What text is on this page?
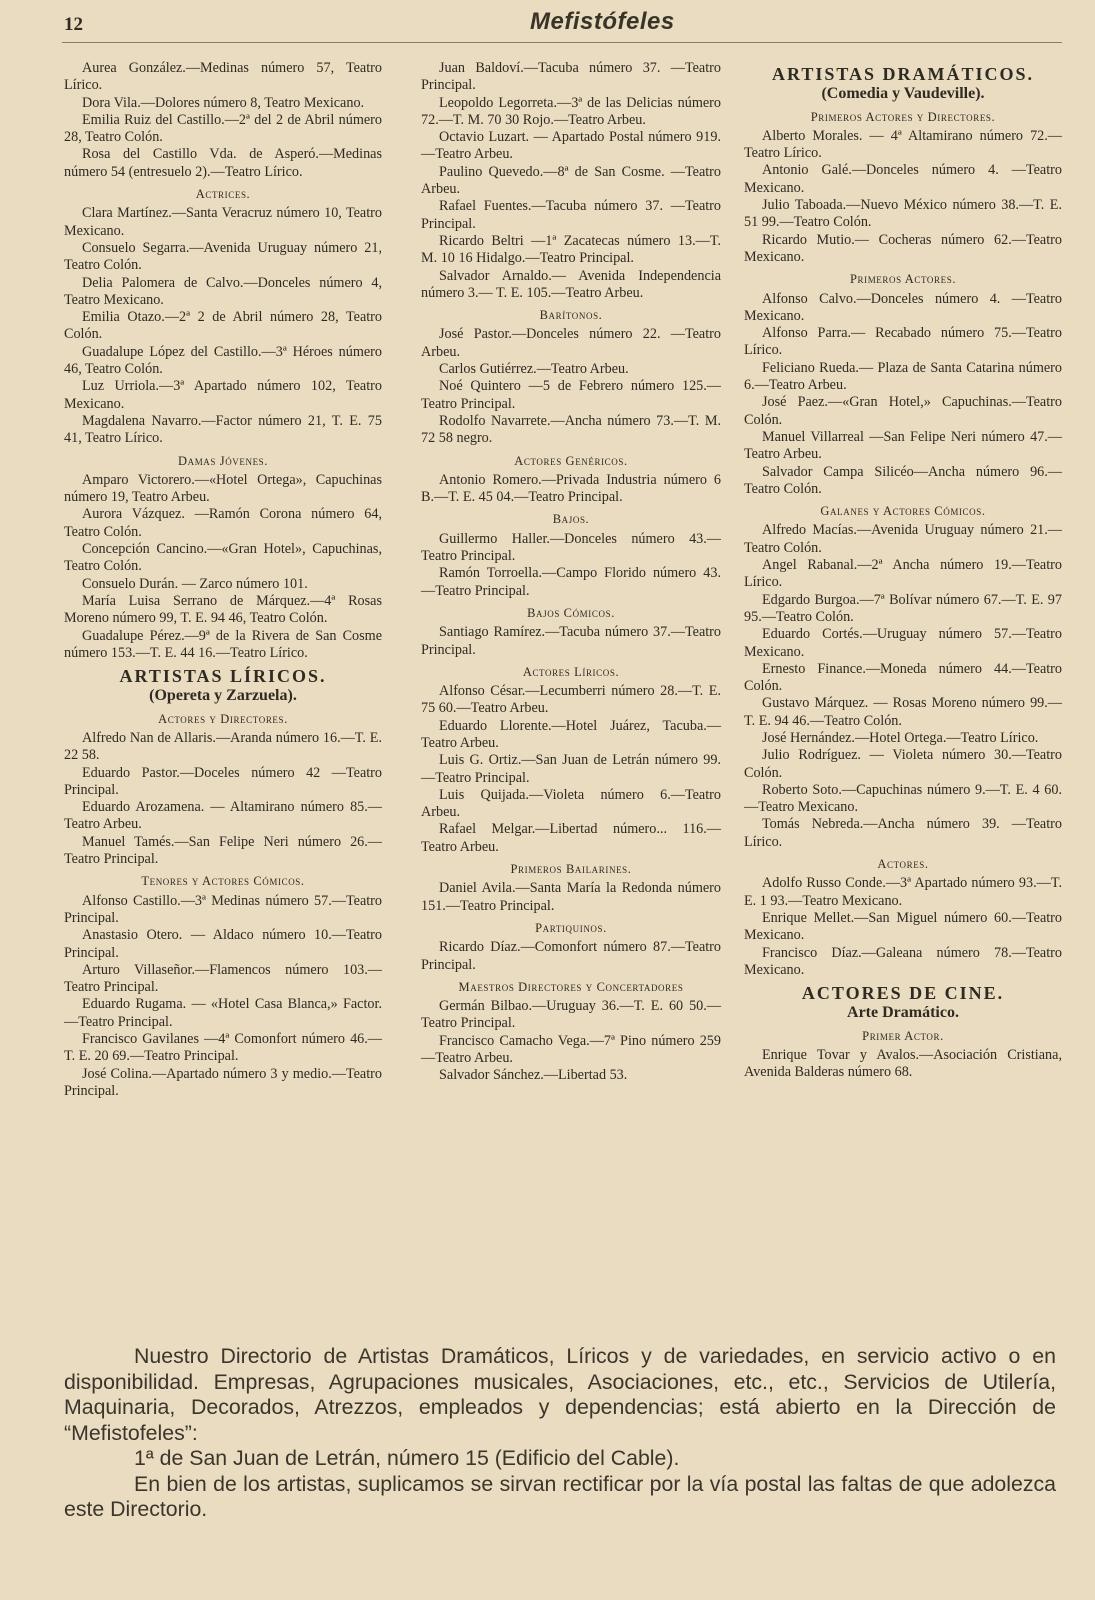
12	Mefistófeles

Aurea González.—Medinas número 57, Teatro Lírico.

Dora Vila.—Dolores número 8, Teatro Mexicano.

Emilia Ruiz del Castillo.—2ª del 2 de Abril número 28, Teatro Colón.

Rosa del Castillo Vda. de Asperó.—Medinas número 54 (entresuelo 2).—Teatro Lírico.

Actrices.

Clara Martínez.—Santa Veracruz número 10, Teatro Mexicano.

Consuelo Segarra.—Avenida Uruguay número 21, Teatro Colón.

Delia Palomera de Calvo.—Donceles número 4, Teatro Mexicano.

Emilia Otazo.—2ª 2 de Abril número 28, Teatro Colón.

Guadalupe López del Castillo.—3ª Héroes número 46, Teatro Colón.

Luz Urriola.—3ª Apartado número 102, Teatro Mexicano.

Magdalena Navarro.—Factor número 21, T. E. 75 41, Teatro Lírico.

Damas Jóvenes.

Amparo Victorero.—«Hotel Ortega», Capuchinas número 19, Teatro Arbeu.

Aurora Vázquez. —Ramón Corona número 64, Teatro Colón.

Concepción Cancino.—«Gran Hotel», Capuchinas, Teatro Colón.

Consuelo Durán. — Zarco número 101.

María Luisa Serrano de Márquez.—4ª Rosas Moreno número 99, T. E. 94 46, Teatro Colón.

Guadalupe Pérez.—9ª de la Rivera de San Cosme número 153.—T. E. 44 16.—Teatro Lírico.

ARTISTAS LÍRICOS.

(Opereta y Zarzuela).

Actores y Directores.

Alfredo Nan de Allaris.—Aranda número 16.—T. E. 22 58.

Eduardo Pastor.—Doceles número 42 —Teatro Principal.

Eduardo Arozamena. — Altamirano número 85.—Teatro Arbeu.

Manuel Tamés.—San Felipe Neri número 26.—Teatro Principal.

Tenores y Actores Cómicos.

Alfonso Castillo.—3ª Medinas número 57.—Teatro Principal.

Anastasio Otero. — Aldaco número 10.—Teatro Principal.

Arturo Villaseñor.—Flamencos número 103.—Teatro Principal.

Eduardo Rugama. — «Hotel Casa Blanca,» Factor.—Teatro Principal.

Francisco Gavilanes —4ª Comonfort número 46.—T. E. 20 69.—Teatro Principal.

José Colina.—Apartado número 3 y medio.—Teatro Principal.

Juan Baldoví.—Tacuba número 37. —Teatro Principal.

Leopoldo Legorreta.—3ª de las Delicias número 72.—T. M. 70 30 Rojo.—Teatro Arbeu.

Octavio Luzart. — Apartado Postal número 919.—Teatro Arbeu.

Paulino Quevedo.—8ª de San Cosme. —Teatro Arbeu.

Rafael Fuentes.—Tacuba número 37. —Teatro Principal.

Ricardo Beltri —1ª Zacatecas número 13.—T. M. 10 16 Hidalgo.—Teatro Principal.

Salvador Arnaldo.— Avenida Independencia número 3.— T. E. 105.—Teatro Arbeu.

Barítonos.

José Pastor.—Donceles número 22. —Teatro Arbeu.

Carlos Gutiérrez.—Teatro Arbeu.

Noé Quintero —5 de Febrero número 125.—Teatro Principal.

Rodolfo Navarrete.—Ancha número 73.—T. M. 72 58 negro.

Actores Genéricos.

Antonio Romero.—Privada Industria número 6 B.—T. E. 45 04.—Teatro Principal.

Bajos.

Guillermo Haller.—Donceles número 43.—Teatro Principal.

Ramón Torroella.—Campo Florido número 43.—Teatro Principal.

Bajos Cómicos.

Santiago Ramírez.—Tacuba número 37.—Teatro Principal.

Actores Líricos.

Alfonso César.—Lecumberri número 28.—T. E. 75 60.—Teatro Arbeu.

Eduardo Llorente.—Hotel Juárez, Tacuba.—Teatro Arbeu.

Luis G. Ortiz.—San Juan de Letrán número 99.—Teatro Principal.

Luis Quijada.—Violeta número 6.—Teatro Arbeu.

Rafael Melgar.—Libertad número... 116.—Teatro Arbeu.

Primeros Bailarines.

Daniel Avila.—Santa María la Redonda número 151.—Teatro Principal.

Partiquinos.

Ricardo Díaz.—Comonfort número 87.—Teatro Principal.

Maestros Directores y Concertadores

Germán Bilbao.—Uruguay 36.—T. E. 60 50.—Teatro Principal.

Francisco Camacho Vega.—7ª Pino número 259 —Teatro Arbeu.

Salvador Sánchez.—Libertad 53.

ARTISTAS DRAMÁTICOS.

(Comedia y Vaudeville).

Primeros Actores y Directores.

Alberto Morales. — 4ª Altamirano número 72.—Teatro Lírico.

Antonio Galé.—Donceles número 4. —Teatro Mexicano.

Julio Taboada.—Nuevo México número 38.—T. E. 51 99.—Teatro Colón.

Ricardo Mutio.— Cocheras número 62.—Teatro Mexicano.

Primeros Actores.

Alfonso Calvo.—Donceles número 4. —Teatro Mexicano.

Alfonso Parra.— Recabado número 75.—Teatro Lírico.

Feliciano Rueda.— Plaza de Santa Catarina número 6.—Teatro Arbeu.

José Paez.—«Gran Hotel,» Capuchinas.—Teatro Colón.

Manuel Villarreal —San Felipe Neri número 47.—Teatro Arbeu.

Salvador Campa Silicéo—Ancha número 96.—Teatro Colón.

Galanes y Actores Cómicos.

Alfredo Macías.—Avenida Uruguay número 21.—Teatro Colón.

Angel Rabanal.—2ª Ancha número 19.—Teatro Lírico.

Edgardo Burgoa.—7ª Bolívar número 67.—T. E. 97 95.—Teatro Colón.

Eduardo Cortés.—Uruguay número 57.—Teatro Mexicano.

Ernesto Finance.—Moneda número 44.—Teatro Colón.

Gustavo Márquez. — Rosas Moreno número 99.—T. E. 94 46.—Teatro Colón.

José Hernández.—Hotel Ortega.—Teatro Lírico.

Julio Rodríguez. — Violeta número 30.—Teatro Colón.

Roberto Soto.—Capuchinas número 9.—T. E. 4 60.—Teatro Mexicano.

Tomás Nebreda.—Ancha número 39. —Teatro Lírico.

Actores.

Adolfo Russo Conde.—3ª Apartado número 93.—T. E. 1 93.—Teatro Mexicano.

Enrique Mellet.—San Miguel número 60.—Teatro Mexicano.

Francisco Díaz.—Galeana número 78.—Teatro Mexicano.

ACTORES DE CINE.

Arte Dramático.

Primer Actor.

Enrique Tovar y Avalos.—Asociación Cristiana, Avenida Balderas número 68.

Nuestro Directorio de Artistas Dramáticos, Líricos y de variedades, en servicio activo o en disponibilidad. Empresas, Agrupaciones musicales, Asociaciones, etc., etc., Servicios de Utilería, Maquinaria, Decorados, Atrezzos, empleados y dependencias; está abierto en la Dirección de “Mefistofeles”:

1ª de San Juan de Letrán, número 15 (Edificio del Cable).

En bien de los artistas, suplicamos se sirvan rectificar por la vía postal las faltas de que adolezca este Directorio.
